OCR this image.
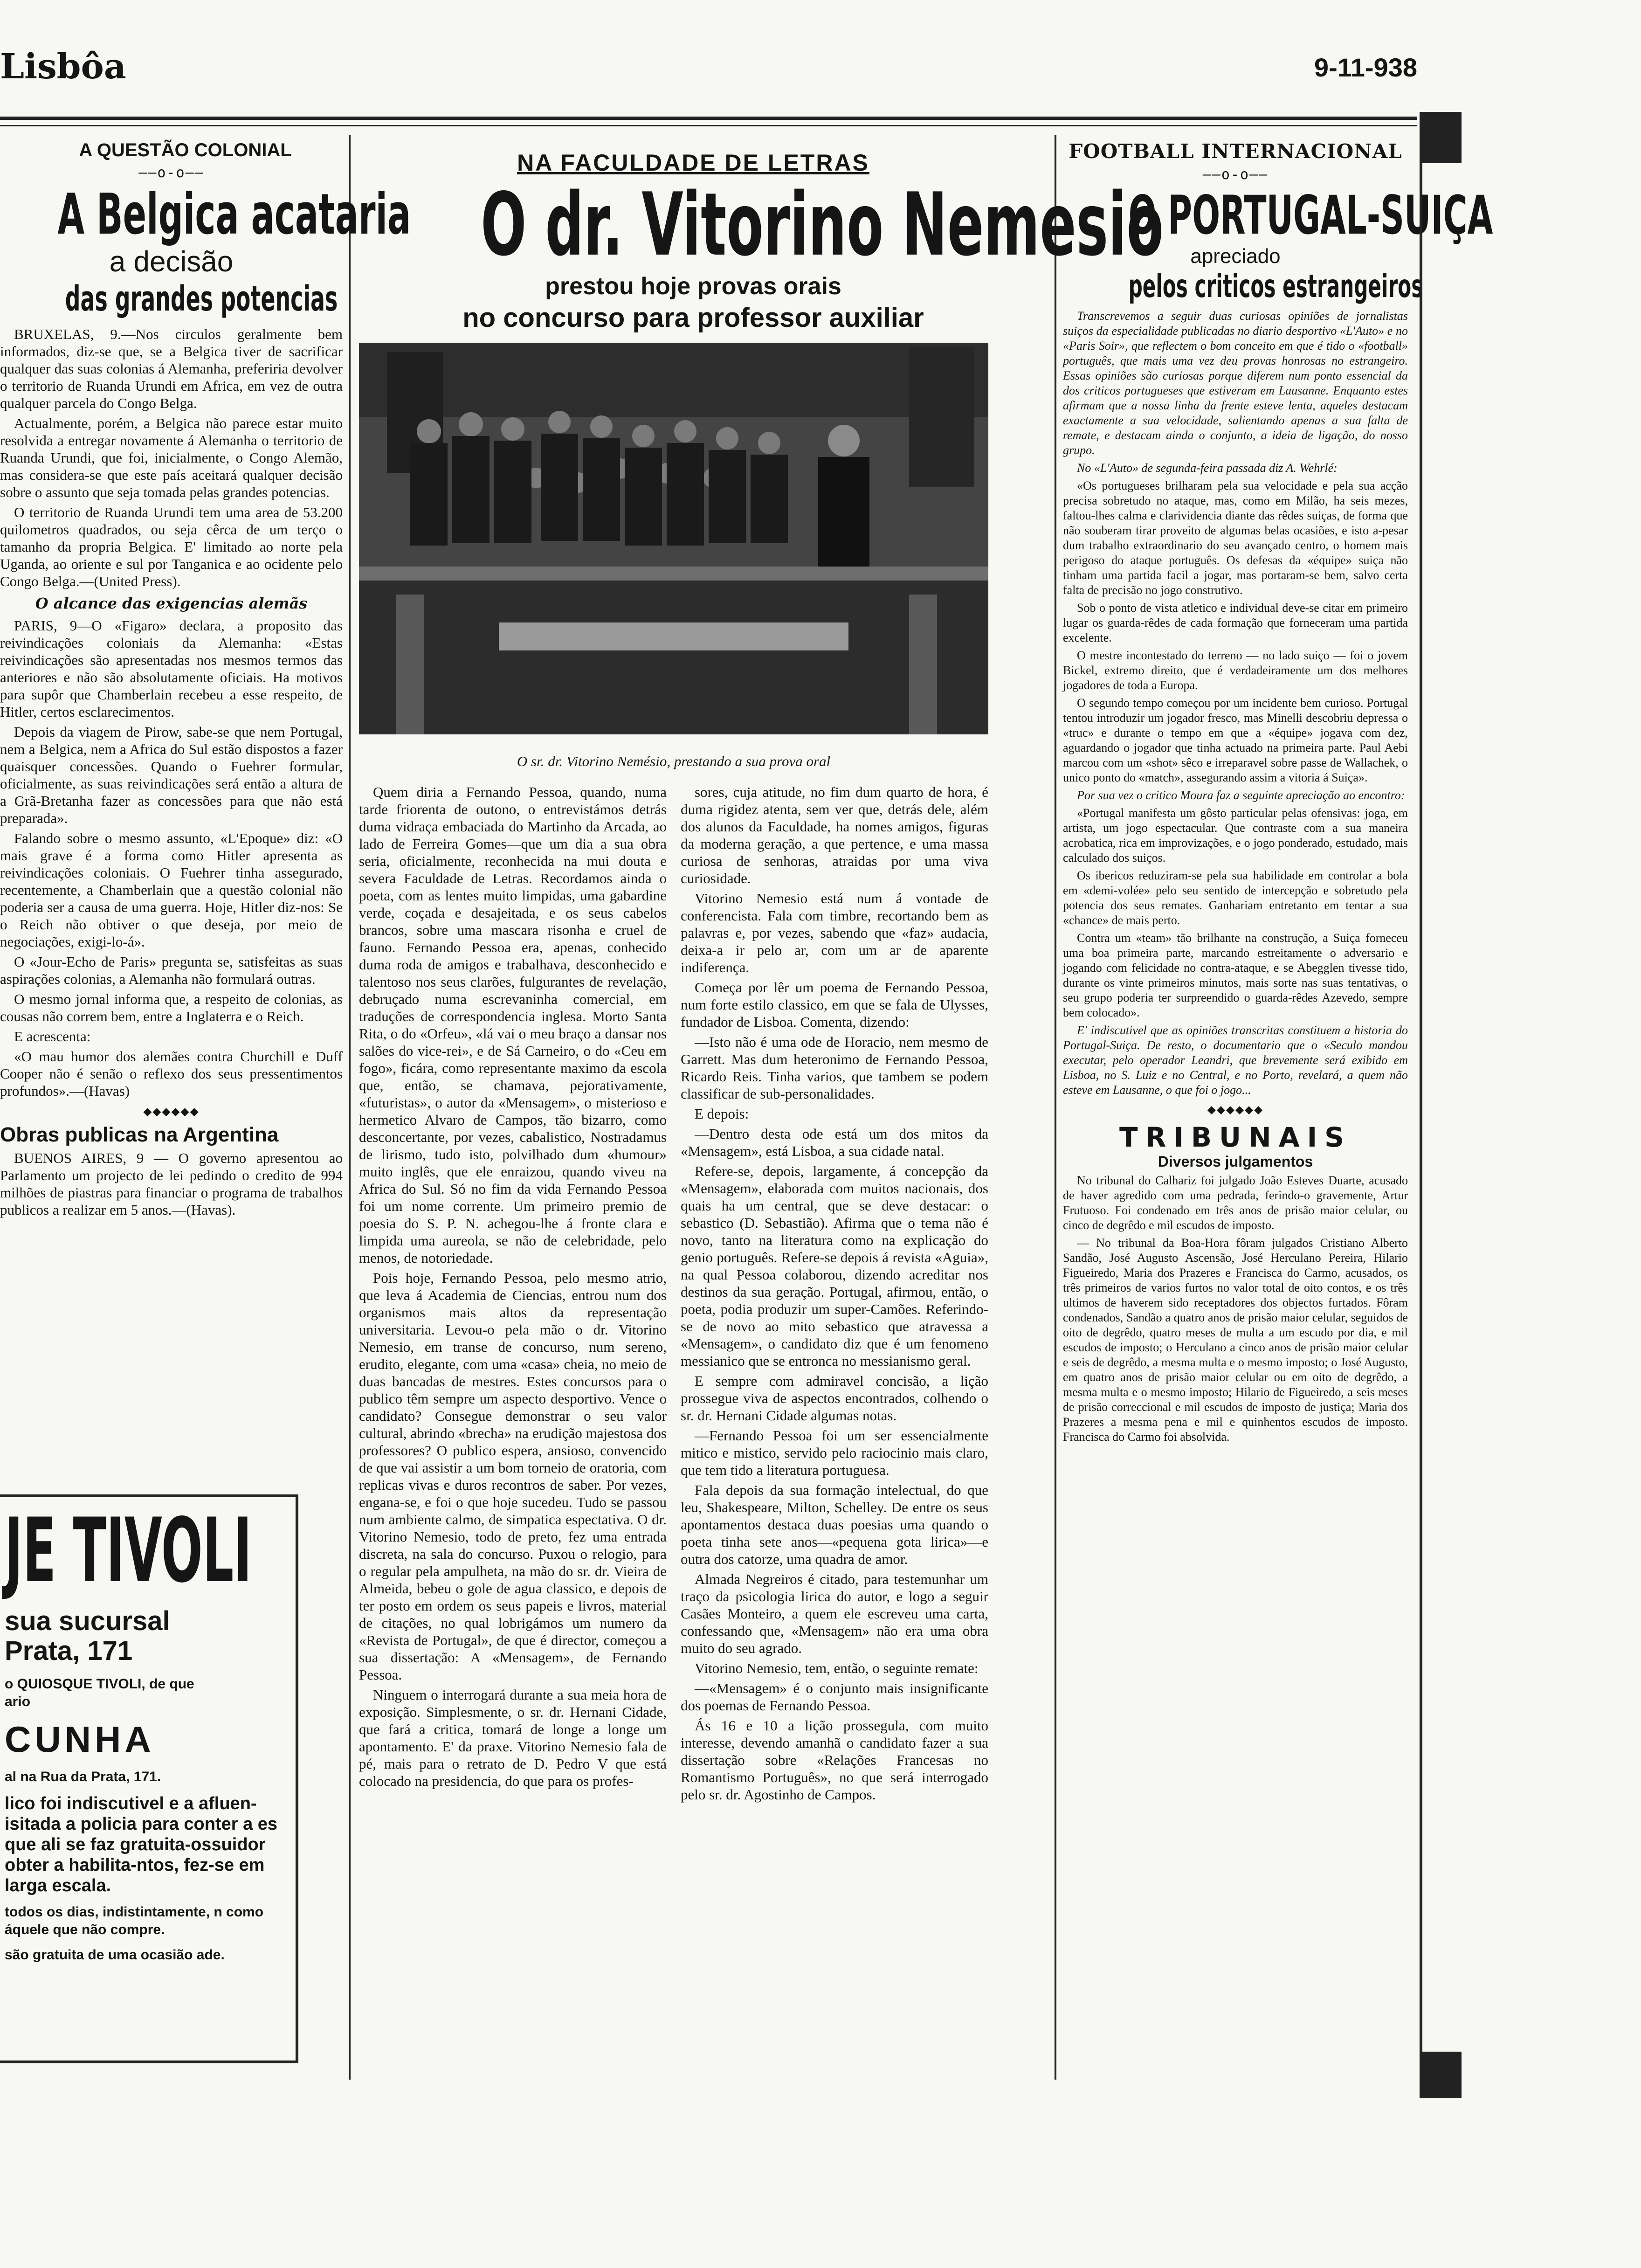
Lisbôa	9-11-938
A QUESTÃO COLONIAL
——o-o——
A Belgica acataria
a decisão
das grandes potencias

BRUXELAS, 9.—Nos circulos geralmente bem informados, diz-se que, se a Belgica tiver de sacrificar qualquer das suas colonias á Alemanha, preferiria devolver o territorio de Ruanda Urundi em Africa, em vez de outra qualquer parcela do Congo Belga.

Actualmente, porém, a Belgica não parece estar muito resolvida a entregar novamente á Alemanha o territorio de Ruanda Urundi, que foi, inicialmente, o Congo Alemão, mas considera-se que este país aceitará qualquer decisão sobre o assunto que seja tomada pelas grandes potencias.

O territorio de Ruanda Urundi tem uma area de 53.200 quilometros quadrados, ou seja cêrca de um terço o tamanho da propria Belgica. E' limitado ao norte pela Uganda, ao oriente e sul por Tanganica e ao ocidente pelo Congo Belga.—(United Press).

O alcance das exigencias alemãs

PARIS, 9—O «Figaro» declara, a proposito das reivindicações coloniais da Alemanha: «Estas reivindicações são apresentadas nos mesmos termos das anteriores e não são absolutamente oficiais. Ha motivos para supôr que Chamberlain recebeu a esse respeito, de Hitler, certos esclarecimentos.

Depois da viagem de Pirow, sabe-se que nem Portugal, nem a Belgica, nem a Africa do Sul estão dispostos a fazer quaisquer concessões. Quando o Fuehrer formular, oficialmente, as suas reivindicações será então a altura de a Grã-Bretanha fazer as concessões para que não está preparada».

Falando sobre o mesmo assunto, «L'Epoque» diz: «O mais grave é a forma como Hitler apresenta as reivindicações coloniais. O Fuehrer tinha assegurado, recentemente, a Chamberlain que a questão colonial não poderia ser a causa de uma guerra. Hoje, Hitler diz-nos: Se o Reich não obtiver o que deseja, por meio de negociações, exigi-lo-á».

O «Jour-Echo de Paris» pregunta se, satisfeitas as suas aspirações colonias, a Alemanha não formulará outras.

O mesmo jornal informa que, a respeito de colonias, as cousas não correm bem, entre a Inglaterra e o Reich.

E acrescenta:

«O mau humor dos alemães contra Churchill e Duff Cooper não é senão o reflexo dos seus pressentimentos profundos».—(Havas)

◆◆◆◆◆◆
Obras publicas na Argentina

BUENOS AIRES, 9 — O governo apresentou ao Parlamento um projecto de lei pedindo o credito de 994 milhões de piastras para financiar o programa de trabalhos publicos a realizar em 5 anos.—(Havas).

JE TIVOLI
sua sucursal
Prata, 171
o QUIOSQUE TIVOLI, de que
ario
CUNHA
al na Rua da Prata, 171.
lico foi indiscutivel e a afluen-isitada a policia para conter a es que ali se faz gratuita-ossuidor obter a habilita-ntos, fez-se em larga escala.
todos os dias, indistintamente, n como áquele que não compre.
são gratuita de uma ocasião ade.
NA FACULDADE DE LETRAS
O dr. Vitorino Nemesio
prestou hoje provas orais
no concurso para professor auxiliar
O sr. dr. Vitorino Nemésio, prestando a sua prova oral

Quem diria a Fernando Pessoa, quando, numa tarde friorenta de outono, o entrevistámos detrás duma vidraça embaciada do Martinho da Arcada, ao lado de Ferreira Gomes—que um dia a sua obra seria, oficialmente, reconhecida na mui douta e severa Faculdade de Letras. Recordamos ainda o poeta, com as lentes muito limpidas, uma gabardine verde, coçada e desajeitada, e os seus cabelos brancos, sobre uma mascara risonha e cruel de fauno. Fernando Pessoa era, apenas, conhecido duma roda de amigos e trabalhava, desconhecido e talentoso nos seus clarões, fulgurantes de revelação, debruçado numa escrevaninha comercial, em traduções de correspondencia inglesa. Morto Santa Rita, o do «Orfeu», «lá vai o meu braço a dansar nos salões do vice-rei», e de Sá Carneiro, o do «Ceu em fogo», ficára, como representante maximo da escola que, então, se chamava, pejorativamente, «futuristas», o autor da «Mensagem», o misterioso e hermetico Alvaro de Campos, tão bizarro, como desconcertante, por vezes, cabalistico, Nostradamus de lirismo, tudo isto, polvilhado dum «humour» muito inglês, que ele enraizou, quando viveu na Africa do Sul. Só no fim da vida Fernando Pessoa foi um nome corrente. Um primeiro premio de poesia do S. P. N. achegou-lhe á fronte clara e limpida uma aureola, se não de celebridade, pelo menos, de notoriedade.

Pois hoje, Fernando Pessoa, pelo mesmo atrio, que leva á Academia de Ciencias, entrou num dos organismos mais altos da representação universitaria. Levou-o pela mão o dr. Vitorino Nemesio, em transe de concurso, num sereno, erudito, elegante, com uma «casa» cheia, no meio de duas bancadas de mestres. Estes concursos para o publico têm sempre um aspecto desportivo. Vence o candidato? Consegue demonstrar o seu valor cultural, abrindo «brecha» na erudição majestosa dos professores? O publico espera, ansioso, convencido de que vai assistir a um bom torneio de oratoria, com replicas vivas e duros recontros de saber. Por vezes, engana-se, e foi o que hoje sucedeu. Tudo se passou num ambiente calmo, de simpatica espectativa. O dr. Vitorino Nemesio, todo de preto, fez uma entrada discreta, na sala do concurso. Puxou o relogio, para o regular pela ampulheta, na mão do sr. dr. Vieira de Almeida, bebeu o gole de agua classico, e depois de ter posto em ordem os seus papeis e livros, material de citações, no qual lobrigámos um numero da «Revista de Portugal», de que é director, começou a sua dissertação: A «Mensagem», de Fernando Pessoa.

Ninguem o interrogará durante a sua meia hora de exposição. Simplesmente, o sr. dr. Hernani Cidade, que fará a critica, tomará de longe a longe um apontamento. E' da praxe. Vitorino Nemesio fala de pé, mais para o retrato de D. Pedro V que está colocado na presidencia, do que para os profes-

sores, cuja atitude, no fim dum quarto de hora, é duma rigidez atenta, sem ver que, detrás dele, além dos alunos da Faculdade, ha nomes amigos, figuras da moderna geração, a que pertence, e uma massa curiosa de senhoras, atraidas por uma viva curiosidade.

Vitorino Nemesio está num á vontade de conferencista. Fala com timbre, recortando bem as palavras e, por vezes, sabendo que «faz» audacia, deixa-a ir pelo ar, com um ar de aparente indiferença.

Começa por lêr um poema de Fernando Pessoa, num forte estilo classico, em que se fala de Ulysses, fundador de Lisboa. Comenta, dizendo:

—Isto não é uma ode de Horacio, nem mesmo de Garrett. Mas dum heteronimo de Fernando Pessoa, Ricardo Reis. Tinha varios, que tambem se podem classificar de sub-personalidades.

E depois:

—Dentro desta ode está um dos mitos da «Mensagem», está Lisboa, a sua cidade natal.

Refere-se, depois, largamente, á concepção da «Mensagem», elaborada com muitos nacionais, dos quais ha um central, que se deve destacar: o sebastico (D. Sebastião). Afirma que o tema não é novo, tanto na literatura como na explicação do genio português. Refere-se depois á revista «Aguia», na qual Pessoa colaborou, dizendo acreditar nos destinos da sua geração. Portugal, afirmou, então, o poeta, podia produzir um super-Camões. Referindo-se de novo ao mito sebastico que atravessa a «Mensagem», o candidato diz que é um fenomeno messianico que se entronca no messianismo geral.

E sempre com admiravel concisão, a lição prossegue viva de aspectos encontrados, colhendo o sr. dr. Hernani Cidade algumas notas.

—Fernando Pessoa foi um ser essencialmente mitico e mistico, servido pelo raciocinio mais claro, que tem tido a literatura portuguesa.

Fala depois da sua formação intelectual, do que leu, Shakespeare, Milton, Schelley. De entre os seus apontamentos destaca duas poesias uma quando o poeta tinha sete anos—«pequena gota lirica»—e outra dos catorze, uma quadra de amor.

Almada Negreiros é citado, para testemunhar um traço da psicologia lirica do autor, e logo a seguir Casães Monteiro, a quem ele escreveu uma carta, confessando que, «Mensagem» não era uma obra muito do seu agrado.

Vitorino Nemesio, tem, então, o seguinte remate:

—«Mensagem» é o conjunto mais insignificante dos poemas de Fernando Pessoa.

Ás 16 e 10 a lição prossegula, com muito interesse, devendo amanhã o candidato fazer a sua dissertação sobre «Relações Francesas no Romantismo Português», no que será interrogado pelo sr. dr. Agostinho de Campos.

FOOTBALL INTERNACIONAL
——o-o——
O PORTUGAL-SUIÇA
apreciado
pelos criticos estrangeiros

Transcrevemos a seguir duas curiosas opiniões de jornalistas suiços da especialidade publicadas no diario desportivo «L'Auto» e no «Paris Soir», que reflectem o bom conceito em que é tido o «football» português, que mais uma vez deu provas honrosas no estrangeiro. Essas opiniões são curiosas porque diferem num ponto essencial da dos criticos portugueses que estiveram em Lausanne. Enquanto estes afirmam que a nossa linha da frente esteve lenta, aqueles destacam exactamente a sua velocidade, salientando apenas a sua falta de remate, e destacam ainda o conjunto, a ideia de ligação, do nosso grupo.

No «L'Auto» de segunda-feira passada diz A. Wehrlé:

«Os portugueses brilharam pela sua velocidade e pela sua acção precisa sobretudo no ataque, mas, como em Milão, ha seis mezes, faltou-lhes calma e clarividencia diante das rêdes suiças, de forma que não souberam tirar proveito de algumas belas ocasiões, e isto a-pesar dum trabalho extraordinario do seu avançado centro, o homem mais perigoso do ataque português. Os defesas da «équipe» suiça não tinham uma partida facil a jogar, mas portaram-se bem, salvo certa falta de precisão no jogo construtivo.

Sob o ponto de vista atletico e individual deve-se citar em primeiro lugar os guarda-rêdes de cada formação que forneceram uma partida excelente.

O mestre incontestado do terreno — no lado suiço — foi o jovem Bickel, extremo direito, que é verdadeiramente um dos melhores jogadores de toda a Europa.

O segundo tempo começou por um incidente bem curioso. Portugal tentou introduzir um jogador fresco, mas Minelli descobriu depressa o «truc» e durante o tempo em que a «équipe» jogava com dez, aguardando o jogador que tinha actuado na primeira parte. Paul Aebi marcou com um «shot» sêco e irreparavel sobre passe de Wallachek, o unico ponto do «match», assegurando assim a vitoria á Suiça».

Por sua vez o critico Moura faz a seguinte apreciação ao encontro:

«Portugal manifesta um gôsto particular pelas ofensivas: joga, em artista, um jogo espectacular. Que contraste com a sua maneira acrobatica, rica em improvizações, e o jogo ponderado, estudado, mais calculado dos suiços.

Os ibericos reduziram-se pela sua habilidade em controlar a bola em «demi-volée» pelo seu sentido de intercepção e sobretudo pela potencia dos seus remates. Ganhariam entretanto em tentar a sua «chance» de mais perto.

Contra um «team» tão brilhante na construção, a Suiça forneceu uma boa primeira parte, marcando estreitamente o adversario e jogando com felicidade no contra-ataque, e se Abegglen tivesse tido, durante os vinte primeiros minutos, mais sorte nas suas tentativas, o seu grupo poderia ter surpreendido o guarda-rêdes Azevedo, sempre bem colocado».

E' indiscutivel que as opiniões transcritas constituem a historia do Portugal-Suiça. De resto, o documentario que o «Seculo mandou executar, pelo operador Leandri, que brevemente será exibido em Lisboa, no S. Luiz e no Central, e no Porto, revelará, a quem não esteve em Lausanne, o que foi o jogo...

◆◆◆◆◆◆
TRIBUNAIS
Diversos julgamentos

No tribunal do Calhariz foi julgado João Esteves Duarte, acusado de haver agredido com uma pedrada, ferindo-o gravemente, Artur Frutuoso. Foi condenado em três anos de prisão maior celular, ou cinco de degrêdo e mil escudos de imposto.

— No tribunal da Boa-Hora fôram julgados Cristiano Alberto Sandão, José Augusto Ascensão, José Herculano Pereira, Hilario Figueiredo, Maria dos Prazeres e Francisca do Carmo, acusados, os três primeiros de varios furtos no valor total de oito contos, e os três ultimos de haverem sido receptadores dos objectos furtados. Fôram condenados, Sandão a quatro anos de prisão maior celular, seguidos de oito de degrêdo, quatro meses de multa a um escudo por dia, e mil escudos de imposto; o Herculano a cinco anos de prisão maior celular e seis de degrêdo, a mesma multa e o mesmo imposto; o José Augusto, em quatro anos de prisão maior celular ou em oito de degrêdo, a mesma multa e o mesmo imposto; Hilario de Figueiredo, a seis meses de prisão correccional e mil escudos de imposto de justiça; Maria dos Prazeres a mesma pena e mil e quinhentos escudos de imposto. Francisca do Carmo foi absolvida.
